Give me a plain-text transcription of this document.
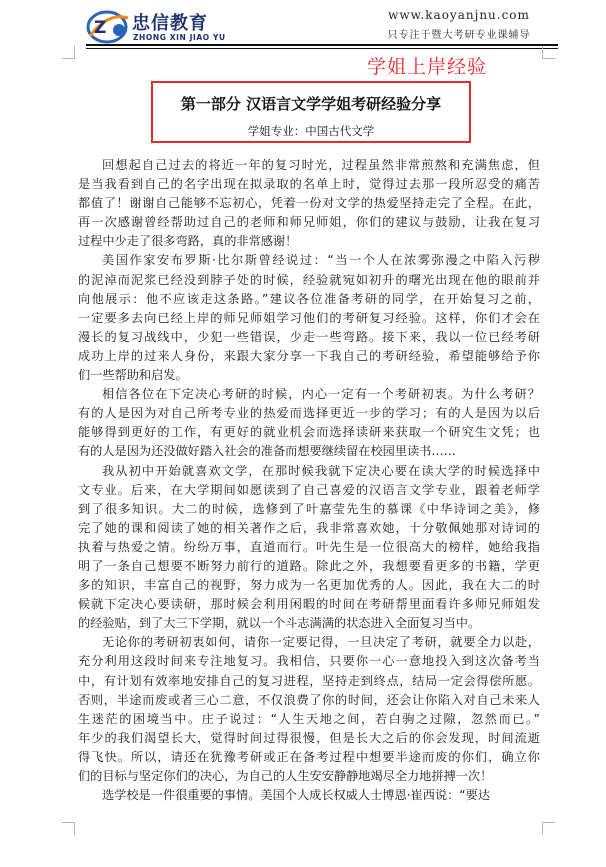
Z 忠信教育
ZHONG XIN JIAO YU
www.kaoyanjnu.com
只专注于暨大考研专业课辅导
学姐上岸经验
第一部分 汉语言文学学姐考研经验分享
学姐专业：中国古代文学
回想起自己过去的将近一年的复习时光，过程虽然非常煎熬和充满焦虑，但
是当我看到自己的名字出现在拟录取的名单上时，觉得过去那一段所忍受的痛苦
都值了！谢谢自己能够不忘初心，凭着一份对文学的热爱坚持走完了全程。在此，
再一次感谢曾经帮助过自己的老师和师兄师姐，你们的建议与鼓励，让我在复习
过程中少走了很多弯路，真的非常感谢！
美国作家安布罗斯·比尔斯曾经说过：“当一个人在浓雾弥漫之中陷入污秽
的泥淖而泥浆已经没到脖子处的时候，经验就宛如初升的曙光出现在他的眼前并
向他展示：他不应该走这条路。”建议各位准备考研的同学，在开始复习之前，
一定要多去向已经上岸的师兄师姐学习他们的考研复习经验。这样，你们才会在
漫长的复习战线中，少犯一些错误，少走一些弯路。接下来，我以一位已经考研
成功上岸的过来人身份，来跟大家分享一下我自己的考研经验，希望能够给予你
们一些帮助和启发。
相信各位在下定决心考研的时候，内心一定有一个考研初衷。为什么考研？
有的人是因为对自己所考专业的热爱而选择更近一步的学习；有的人是因为以后
能够得到更好的工作，有更好的就业机会而选择读研来获取一个研究生文凭；也
有的人是因为还没做好踏入社会的准备而想要继续留在校园里读书……
我从初中开始就喜欢文学，在那时候我就下定决心要在读大学的时候选择中
文专业。后来，在大学期间如愿读到了自己喜爱的汉语言文学专业，跟着老师学
到了很多知识。大二的时候，选修到了叶嘉莹先生的慕课《中华诗词之美》，修
完了她的课和阅读了她的相关著作之后，我非常喜欢她，十分敬佩她那对诗词的
执着与热爱之情。纷纷万事，直道而行。叶先生是一位很高大的榜样，她给我指
明了一条自己想要不断努力前行的道路。除此之外，我想要看更多的书籍，学更
多的知识，丰富自己的视野，努力成为一名更加优秀的人。因此，我在大二的时
候就下定决心要读研，那时候会利用闲暇的时间在考研帮里面看许多师兄师姐发
的经验贴，到了大三下学期，就以一个斗志满满的状态进入全面复习当中。
无论你的考研初衷如何，请你一定要记得，一旦决定了考研，就要全力以赴，
充分利用这段时间来专注地复习。我相信，只要你一心一意地投入到这次备考当
中，有计划有效率地安排自己的复习进程，坚持走到终点，结局一定会得偿所愿。
否则，半途而废或者三心二意，不仅浪费了你的时间，还会让你陷入对自己未来人
生迷茫的困境当中。庄子说过：“人生天地之间，若白驹之过隙，忽然而已。”
年少的我们渴望长大，觉得时间过得很慢，但是长大之后的你会发现，时间流逝
得飞快。所以，请还在犹豫考研或正在备考过程中想要半途而废的你们，确立你
们的目标与坚定你们的决心，为自己的人生安安静静地竭尽全力地拼搏一次！
选学校是一件很重要的事情。美国个人成长权威人士博恩·崔西说：“要达
